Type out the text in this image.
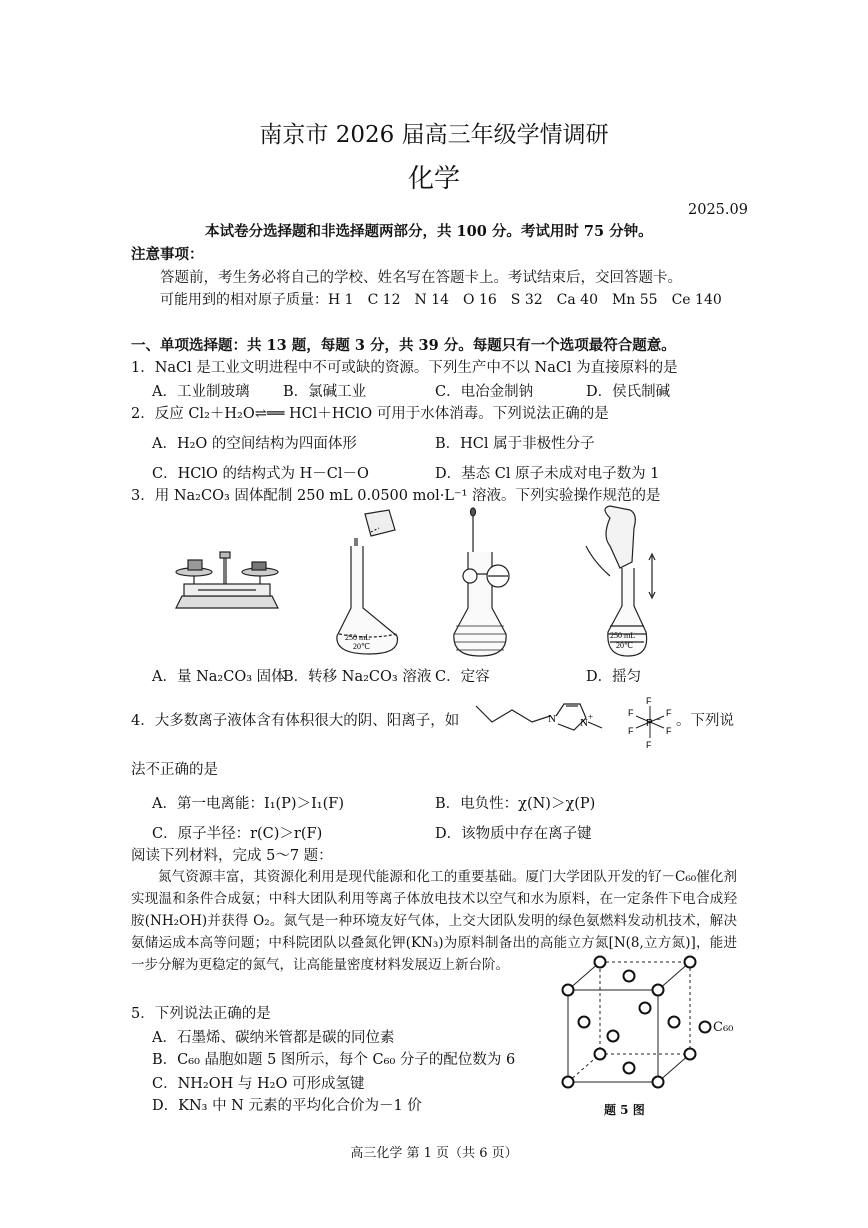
南京市 2026 届高三年级学情调研
化学
2025.09
本试卷分选择题和非选择题两部分，共 100 分。考试用时 75 分钟。
注意事项：
答题前，考生务必将自己的学校、姓名写在答题卡上。考试结束后，交回答题卡。
可能用到的相对原子质量：H 1　C 12　N 14　O 16　S 32　Ca 40　Mn 55　Ce 140
一、单项选择题：共 13 题，每题 3 分，共 39 分。每题只有一个选项最符合题意。
1．NaCl 是工业文明进程中不可或缺的资源。下列生产中不以 NaCl 为直接原料的是
A．工业制玻璃 B．氯碱工业	C．电冶金制钠	D．侯氏制碱
2．反应 Cl₂＋H₂O⇌══ HCl＋HClO 可用于水体消毒。下列说法正确的是
A．H₂O 的空间结构为四面体形	B．HCl 属于非极性分子
C．HClO 的结构式为 H－Cl－O	D．基态 Cl 原子未成对电子数为 1
3．用 Na₂CO₃ 固体配制 250 mL 0.0500 mol·L⁻¹ 溶液。下列实验操作规范的是
250 mL
20℃
250 mL
20℃
A．量 Na₂CO₃ 固体
B．转移 Na₂CO₃ 溶液 C．定容	D．摇匀
4．大多数离子液体含有体积很大的阴、阳离子，如	N N +
F
F
F	F
F	F
P − 。下列说
法不正确的是
A．第一电离能：I₁(P)＞I₁(F)	B．电负性：χ(N)＞χ(P)
C．原子半径：r(C)＞r(F)	D．该物质中存在离子键
阅读下列材料，完成 5～7 题：
氮气资源丰富，其资源化利用是现代能源和化工的重要基础。厦门大学团队开发的钌－C₆₀催化剂实现温和条件合成氨；中科大团队利用等离子体放电技术以空气和水为原料，在一定条件下电合成羟胺(NH₂OH)并获得 O₂。氮气是一种环境友好气体，上交大团队发明的绿色氨燃料发动机技术，解决氨储运成本高等问题；中科院团队以叠氮化钾(KN₃)为原料制备出的高能立方氮[N(8,立方氮)]，能进一步分解为更稳定的氮气，让高能量密度材料发展迈上新台阶。
5．下列说法正确的是
A．石墨烯、碳纳米管都是碳的同位素
B．C₆₀ 晶胞如题 5 图所示，每个 C₆₀ 分子的配位数为 6
C．NH₂OH 与 H₂O 可形成氢键
D．KN₃ 中 N 元素的平均化合价为－1 价
C₆₀
题 5 图
高三化学 第 1 页（共 6 页）
